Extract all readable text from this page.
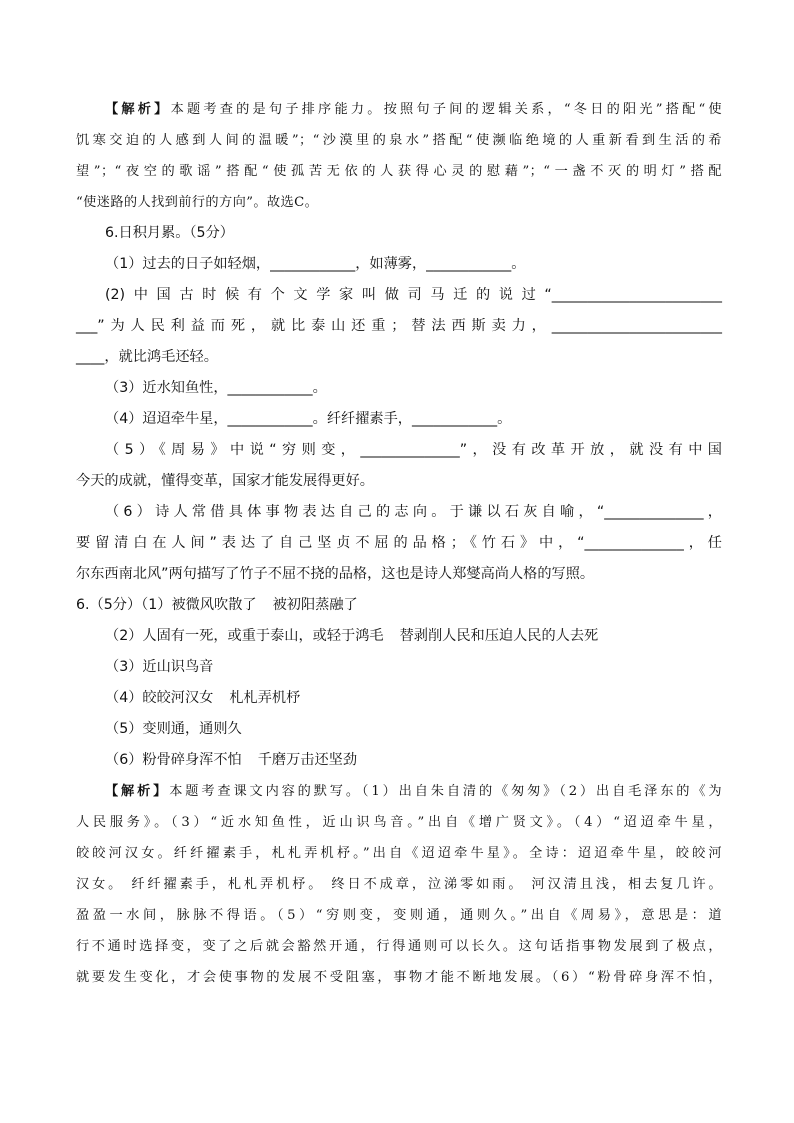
【解析】本题考查的是句子排序能力。按照句子间的逻辑关系，“冬日的阳光”搭配“使
饥寒交迫的人感到人间的温暖”；“沙漠里的泉水”搭配“使濒临绝境的人重新看到生活的希
望”；“夜空的歌谣”搭配“使孤苦无依的人获得心灵的慰藉”；“一盏不灭的明灯”搭配
“使迷路的人找到前行的方向”。故选C。
6.日积月累。（5分）
（1）过去的日子如轻烟，____________，如薄雾，____________。
(2)中国古时候有个文学家叫做司马迁的说过“________________________
___”为人民利益而死，就比泰山还重；替法西斯卖力，________________________
____，就比鸿毛还轻。
（3）近水知鱼性，____________。
（4）迢迢牵牛星，____________。纤纤擢素手，____________。
（5）《周易》中说“穷则变，______________”，没有改革开放，就没有中国
今天的成就，懂得变革，国家才能发展得更好。
（6）诗人常借具体事物表达自己的志向。于谦以石灰自喻，“______________，
要留清白在人间”表达了自己坚贞不屈的品格；《竹石》中，“______________，任
尔东西南北风”两句描写了竹子不屈不挠的品格，这也是诗人郑燮高尚人格的写照。
6.（5分）（1）被微风吹散了 被初阳蒸融了
（2）人固有一死，或重于泰山，或轻于鸿毛 替剥削人民和压迫人民的人去死
（3）近山识鸟音
（4）皎皎河汉女 札札弄机杼
（5）变则通，通则久
（6）粉骨碎身浑不怕 千磨万击还坚劲
【解析】本题考查课文内容的默写。（1）出自朱自清的《匆匆》（2）出自毛泽东的《为
人民服务》。（3）“近水知鱼性，近山识鸟音。”出自《增广贤文》。（4）“迢迢牵牛星，
皎皎河汉女。纤纤擢素手，札札弄机杼。”出自《迢迢牵牛星》。全诗：迢迢牵牛星，皎皎河
汉女。 纤纤擢素手，札札弄机杼。 终日不成章，泣涕零如雨。 河汉清且浅，相去复几许。
盈盈一水间，脉脉不得语。（5）“穷则变，变则通，通则久。”出自《周易》，意思是：道
行不通时选择变，变了之后就会豁然开通，行得通则可以长久。这句话指事物发展到了极点，
就要发生变化，才会使事物的发展不受阻塞，事物才能不断地发展。（6）“粉骨碎身浑不怕，
